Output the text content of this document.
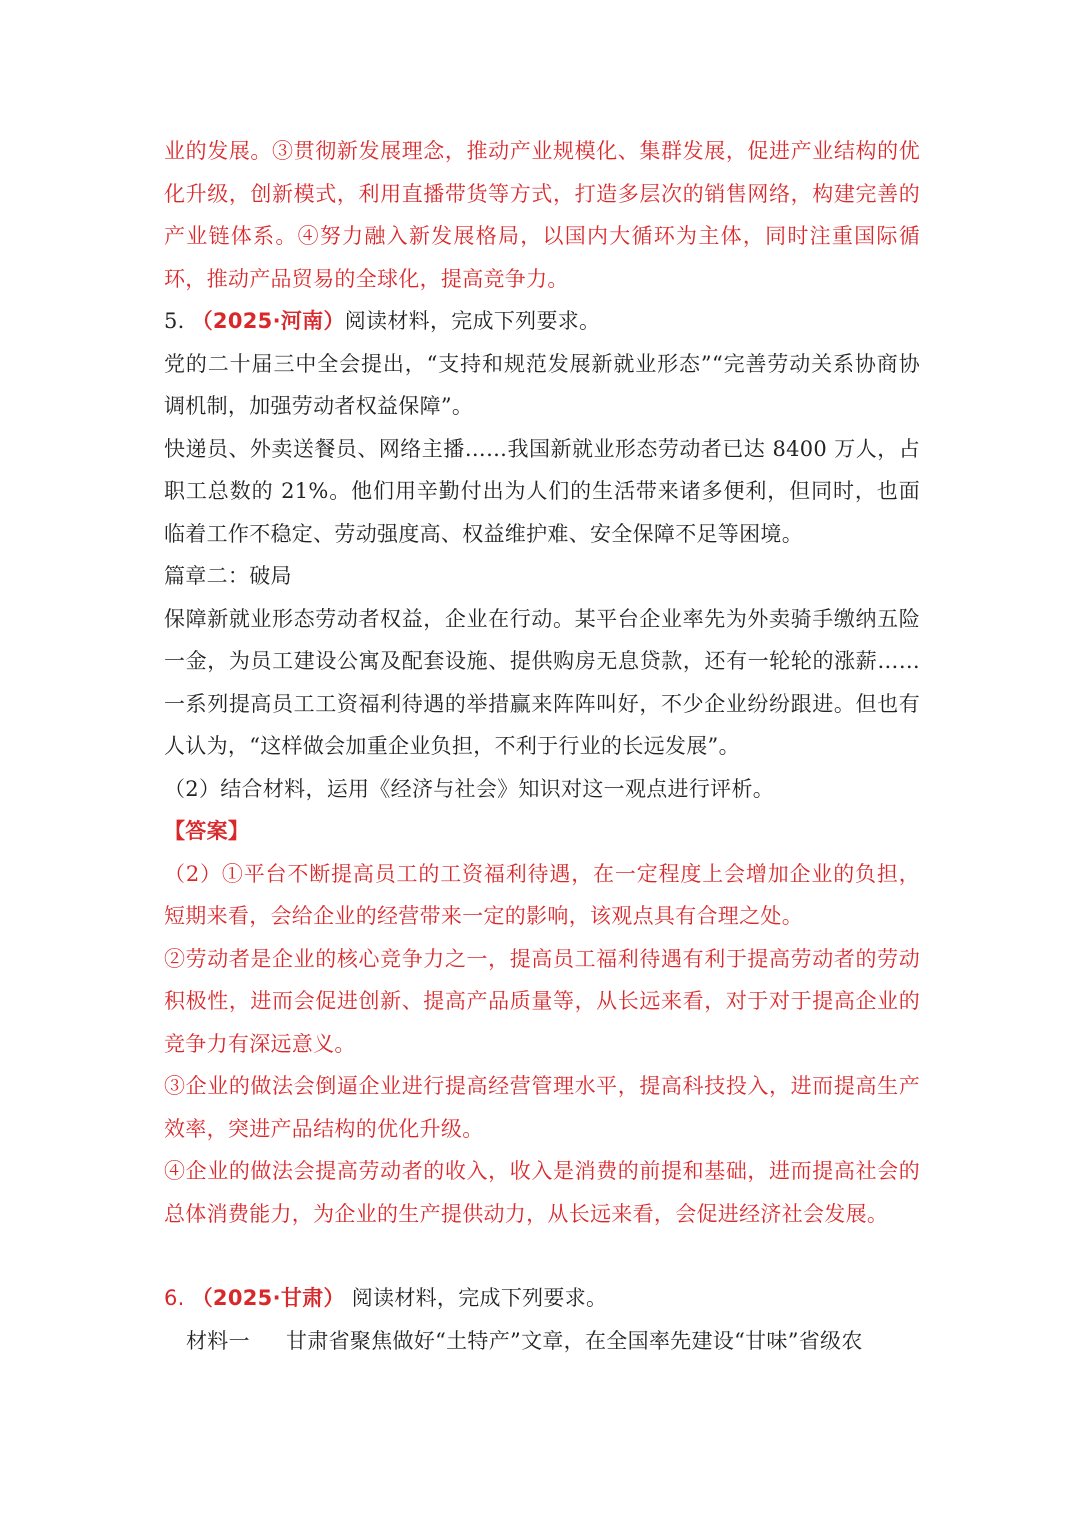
业的发展。③贯彻新发展理念，推动产业规模化、集群发展，促进产业结构的优化升级，创新模式，利用直播带货等方式，打造多层次的销售网络，构建完善的产业链体系。④努力融入新发展格局，以国内大循环为主体，同时注重国际循环，推动产品贸易的全球化，提高竞争力。

5. （2025·河南）阅读材料，完成下列要求。

党的二十届三中全会提出，“支持和规范发展新就业形态”“完善劳动关系协商协调机制，加强劳动者权益保障”。

快递员、外卖送餐员、网络主播……我国新就业形态劳动者已达 8400 万人，占职工总数的 21%。他们用辛勤付出为人们的生活带来诸多便利，但同时，也面临着工作不稳定、劳动强度高、权益维护难、安全保障不足等困境。

篇章二：破局

保障新就业形态劳动者权益，企业在行动。某平台企业率先为外卖骑手缴纳五险一金，为员工建设公寓及配套设施、提供购房无息贷款，还有一轮轮的涨薪……一系列提高员工工资福利待遇的举措赢来阵阵叫好，不少企业纷纷跟进。但也有人认为，“这样做会加重企业负担，不利于行业的长远发展”。

（2）结合材料，运用《经济与社会》知识对这一观点进行评析。

【答案】

（2）①平台不断提高员工的工资福利待遇，在一定程度上会增加企业的负担，短期来看，会给企业的经营带来一定的影响，该观点具有合理之处。

②劳动者是企业的核心竞争力之一，提高员工福利待遇有利于提高劳动者的劳动积极性，进而会促进创新、提高产品质量等，从长远来看，对于对于提高企业的竞争力有深远意义。

③企业的做法会倒逼企业进行提高经营管理水平，提高科技投入，进而提高生产效率，突进产品结构的优化升级。

④企业的做法会提高劳动者的收入，收入是消费的前提和基础，进而提高社会的总体消费能力，为企业的生产提供动力，从长远来看，会促进经济社会发展。

6. （2025·甘肃） 阅读材料，完成下列要求。

材料一 甘肃省聚焦做好“土特产”文章，在全国率先建设“甘味”省级农
